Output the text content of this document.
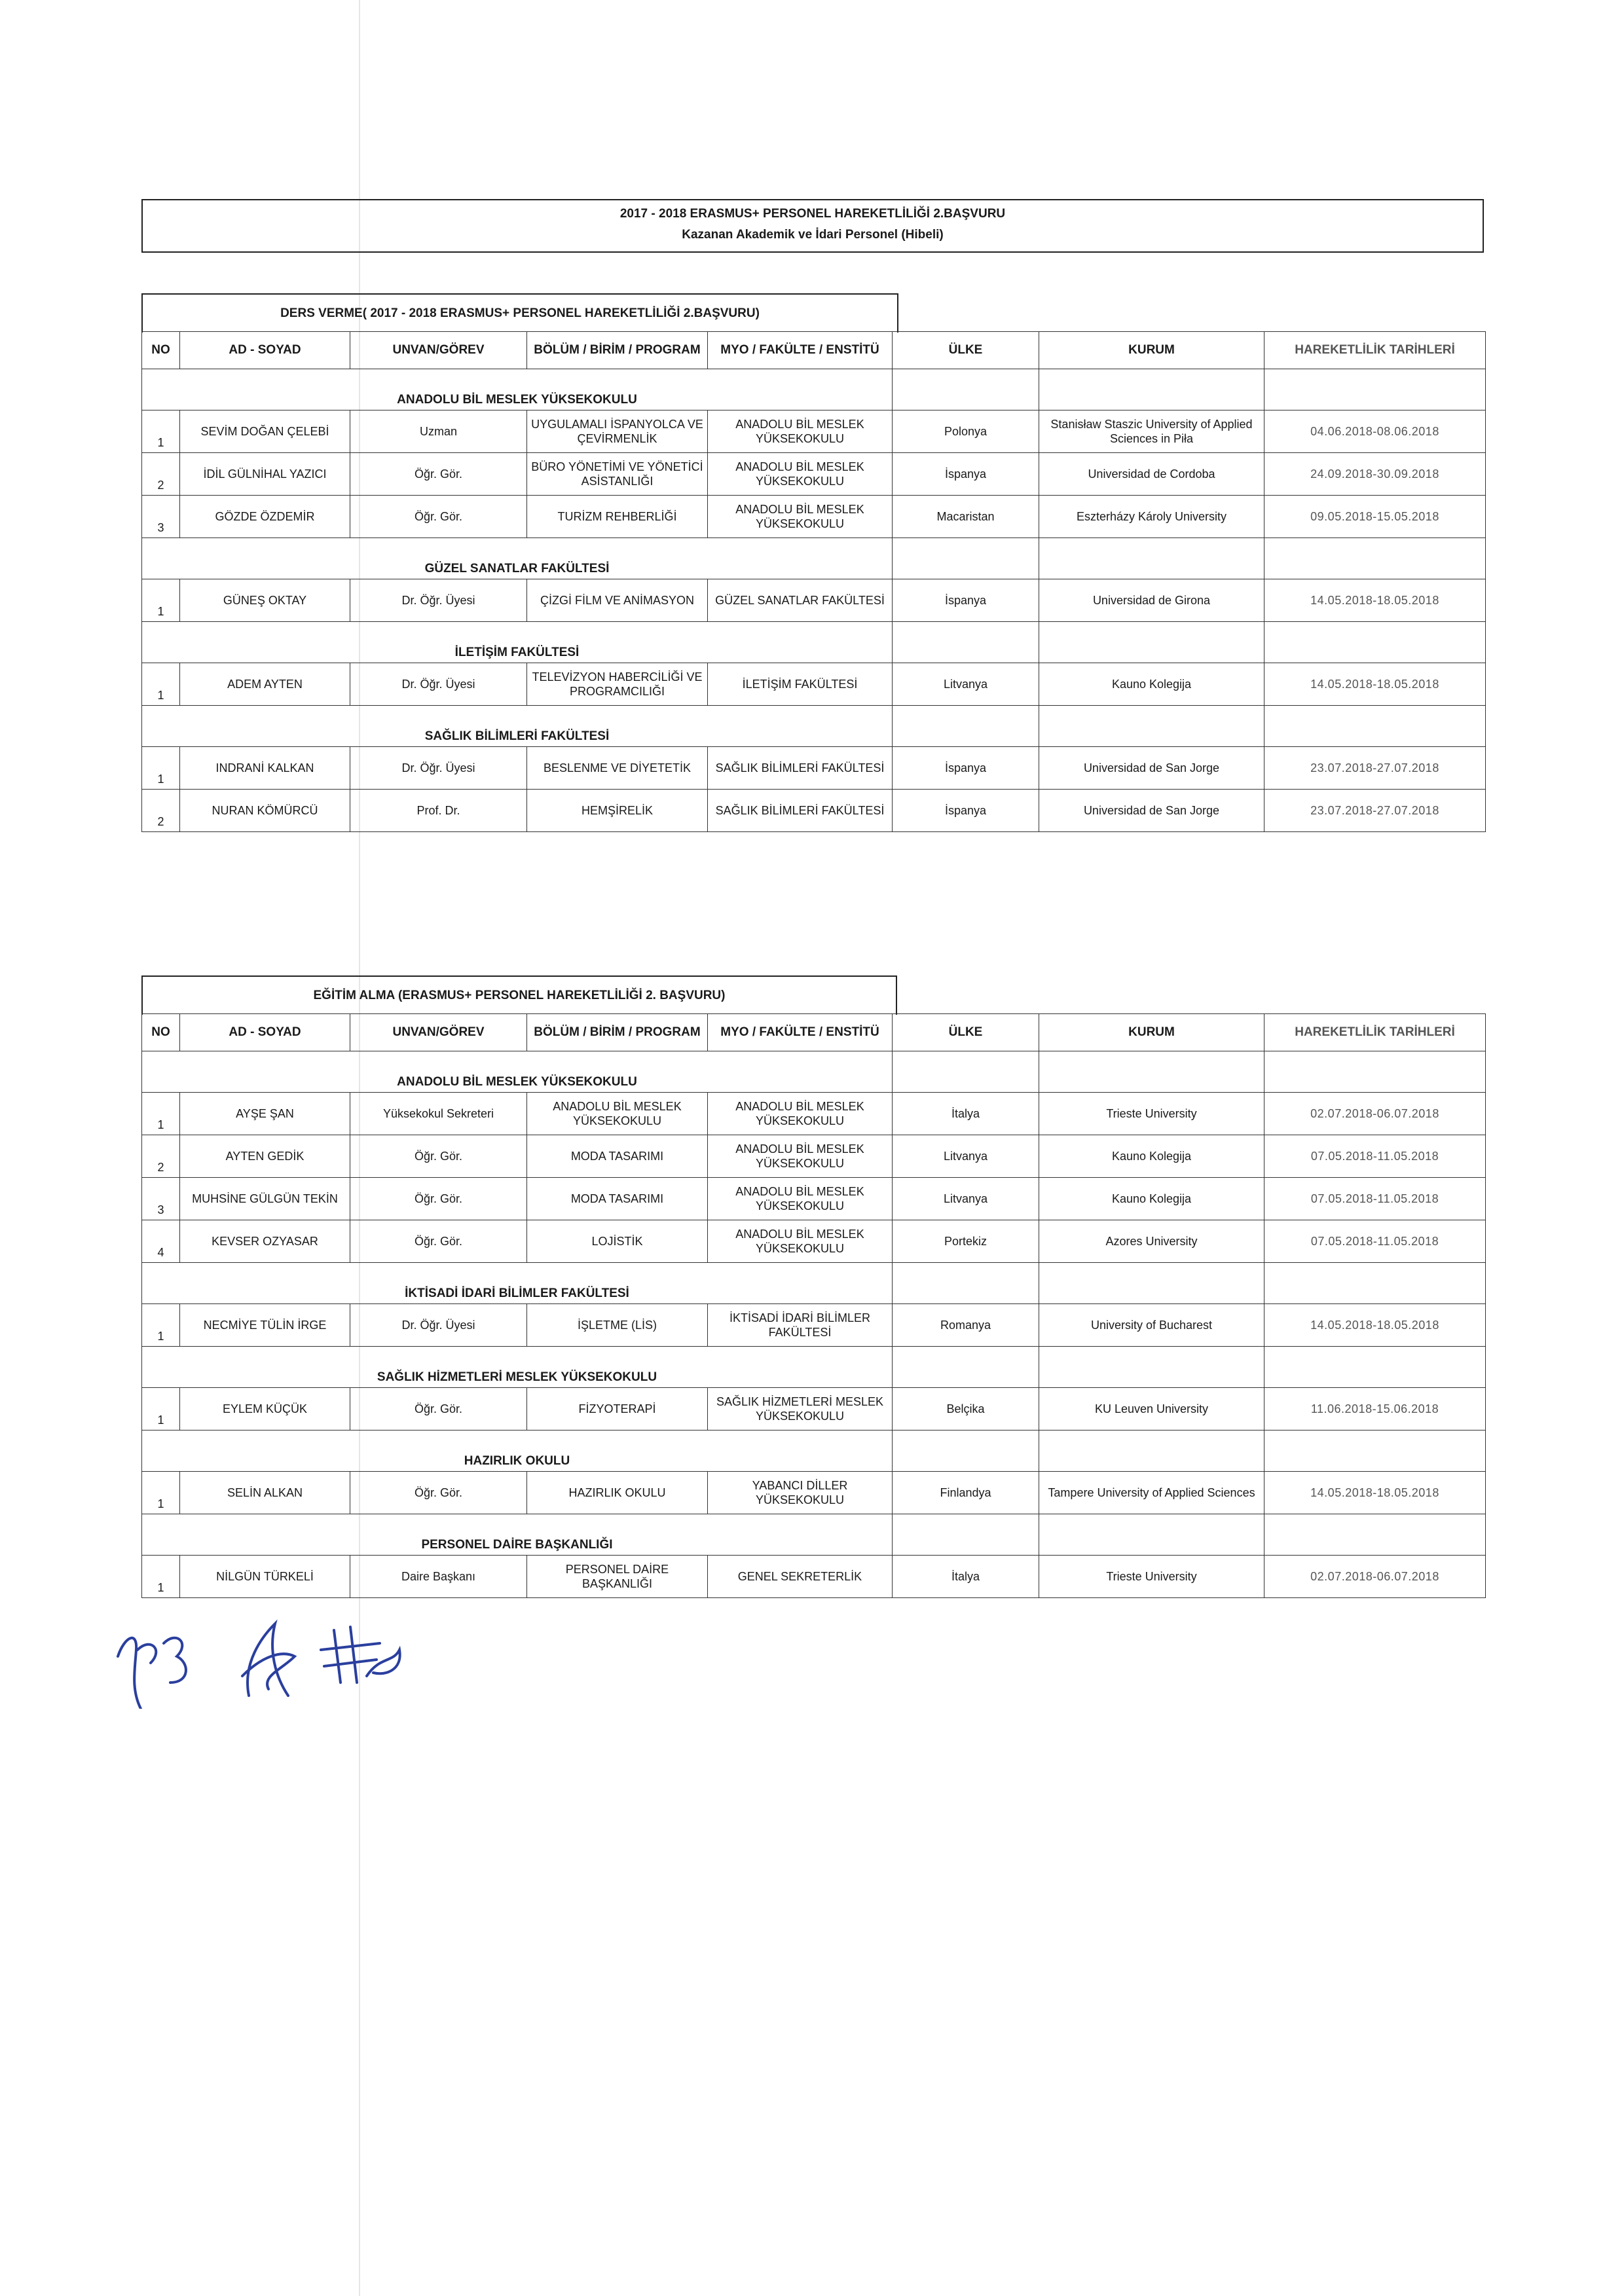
2017 - 2018 ERASMUS+ PERSONEL HAREKETLİLİĞİ 2.BAŞVURU
Kazanan Akademik ve İdari Personel (Hibeli)
DERS VERME( 2017 - 2018 ERASMUS+ PERSONEL HAREKETLİLİĞİ 2.BAŞVURU)
NO	AD - SOYAD	UNVAN/GÖREV	BÖLÜM / BİRİM / PROGRAM	MYO / FAKÜLTE / ENSTİTÜ	ÜLKE	KURUM	HAREKETLİLİK TARİHLERİ
ANADOLU BİL MESLEK YÜKSEKOKULU							
1	SEVİM DOĞAN ÇELEBİ	Uzman	UYGULAMALI İSPANYOLCA VE ÇEVİRMENLİK	ANADOLU BİL MESLEK YÜKSEKOKULU	Polonya	Stanisław Staszic University of Applied Sciences in Piła	04.06.2018-08.06.2018
2	İDİL GÜLNİHAL YAZICI	Öğr. Gör.	BÜRO YÖNETİMİ VE YÖNETİCİ ASİSTANLIĞI	ANADOLU BİL MESLEK YÜKSEKOKULU	İspanya	Universidad de Cordoba	24.09.2018-30.09.2018
3	GÖZDE ÖZDEMİR	Öğr. Gör.	TURİZM REHBERLİĞİ	ANADOLU BİL MESLEK YÜKSEKOKULU	Macaristan	Eszterházy Károly University	09.05.2018-15.05.2018
GÜZEL SANATLAR FAKÜLTESİ							
1	GÜNEŞ OKTAY	Dr. Öğr. Üyesi	ÇİZGİ FİLM VE ANİMASYON	GÜZEL SANATLAR FAKÜLTESİ	İspanya	Universidad de Girona	14.05.2018-18.05.2018
İLETİŞİM FAKÜLTESİ							
1	ADEM AYTEN	Dr. Öğr. Üyesi	TELEVİZYON HABERCİLİĞİ VE PROGRAMCILIĞI	İLETİŞİM FAKÜLTESİ	Litvanya	Kauno Kolegija	14.05.2018-18.05.2018
SAĞLIK BİLİMLERİ FAKÜLTESİ							
1	INDRANİ KALKAN	Dr. Öğr. Üyesi	BESLENME VE DİYETETİK	SAĞLIK BİLİMLERİ FAKÜLTESİ	İspanya	Universidad de San Jorge	23.07.2018-27.07.2018
2	NURAN KÖMÜRCÜ	Prof. Dr.	HEMŞİRELİK	SAĞLIK BİLİMLERİ FAKÜLTESİ	İspanya	Universidad de San Jorge	23.07.2018-27.07.2018
EĞİTİM ALMA (ERASMUS+ PERSONEL HAREKETLİLİĞİ 2. BAŞVURU)
NO	AD - SOYAD	UNVAN/GÖREV	BÖLÜM / BİRİM / PROGRAM	MYO / FAKÜLTE / ENSTİTÜ	ÜLKE	KURUM	HAREKETLİLİK TARİHLERİ
ANADOLU BİL MESLEK YÜKSEKOKULU							
1	AYŞE ŞAN	Yüksekokul Sekreteri	ANADOLU BİL MESLEK YÜKSEKOKULU	ANADOLU BİL MESLEK YÜKSEKOKULU	İtalya	Trieste University	02.07.2018-06.07.2018
2	AYTEN GEDİK	Öğr. Gör.	MODA TASARIMI	ANADOLU BİL MESLEK YÜKSEKOKULU	Litvanya	Kauno Kolegija	07.05.2018-11.05.2018
3	MUHSİNE GÜLGÜN TEKİN	Öğr. Gör.	MODA TASARIMI	ANADOLU BİL MESLEK YÜKSEKOKULU	Litvanya	Kauno Kolegija	07.05.2018-11.05.2018
4	KEVSER OZYASAR	Öğr. Gör.	LOJİSTİK	ANADOLU BİL MESLEK YÜKSEKOKULU	Portekiz	Azores University	07.05.2018-11.05.2018
İKTİSADİ İDARİ BİLİMLER FAKÜLTESİ							
1	NECMİYE TÜLİN İRGE	Dr. Öğr. Üyesi	İŞLETME (LİS)	İKTİSADİ İDARİ BİLİMLER FAKÜLTESİ	Romanya	University of Bucharest	14.05.2018-18.05.2018
SAĞLIK HİZMETLERİ MESLEK YÜKSEKOKULU							
1	EYLEM KÜÇÜK	Öğr. Gör.	FİZYOTERAPİ	SAĞLIK HİZMETLERİ MESLEK YÜKSEKOKULU	Belçika	KU Leuven University	11.06.2018-15.06.2018
HAZIRLIK OKULU							
1	SELİN ALKAN	Öğr. Gör.	HAZIRLIK OKULU	YABANCI DİLLER YÜKSEKOKULU	Finlandya	Tampere University of Applied Sciences	14.05.2018-18.05.2018
PERSONEL DAİRE BAŞKANLIĞI							
1	NİLGÜN TÜRKELİ	Daire Başkanı	PERSONEL DAİRE BAŞKANLIĞI	GENEL SEKRETERLİK	İtalya	Trieste University	02.07.2018-06.07.2018
